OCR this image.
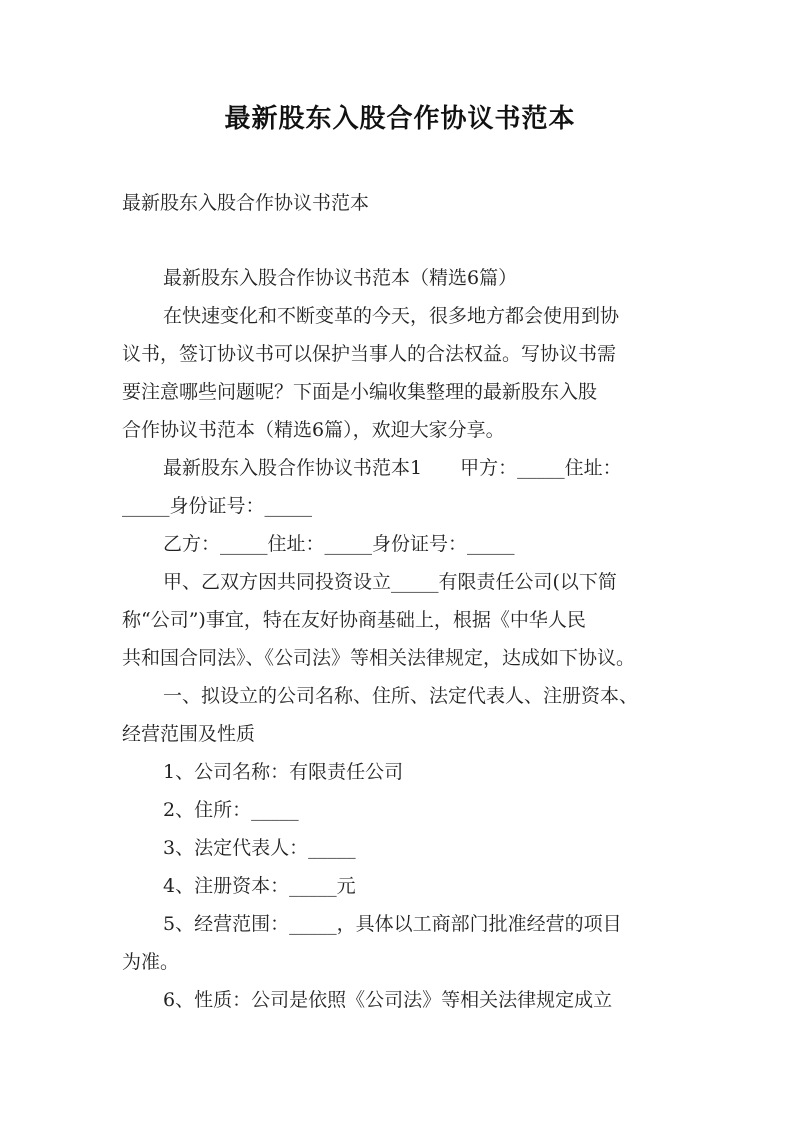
最新股东入股合作协议书范本
最新股东入股合作协议书范本
最新股东入股合作协议书范本（精选6篇）
在快速变化和不断变革的今天，很多地方都会使用到协
议书，签订协议书可以保护当事人的合法权益。写协议书需
要注意哪些问题呢？下面是小编收集整理的最新股东入股
合作协议书范本（精选6篇），欢迎大家分享。
最新股东入股合作协议书范本1　　甲方：_____住址：
_____身份证号：_____
乙方：_____住址：_____身份证号：_____
甲、乙双方因共同投资设立_____有限责任公司(以下简
称“公司”)事宜，特在友好协商基础上，根据《中华人民
共和国合同法》、《公司法》等相关法律规定，达成如下协议。
一、拟设立的公司名称、住所、法定代表人、注册资本、
经营范围及性质
1、公司名称：有限责任公司
2、住所：_____
3、法定代表人：_____
4、注册资本：_____元
5、经营范围：_____，具体以工商部门批准经营的项目
为准。
6、性质：公司是依照《公司法》等相关法律规定成立
